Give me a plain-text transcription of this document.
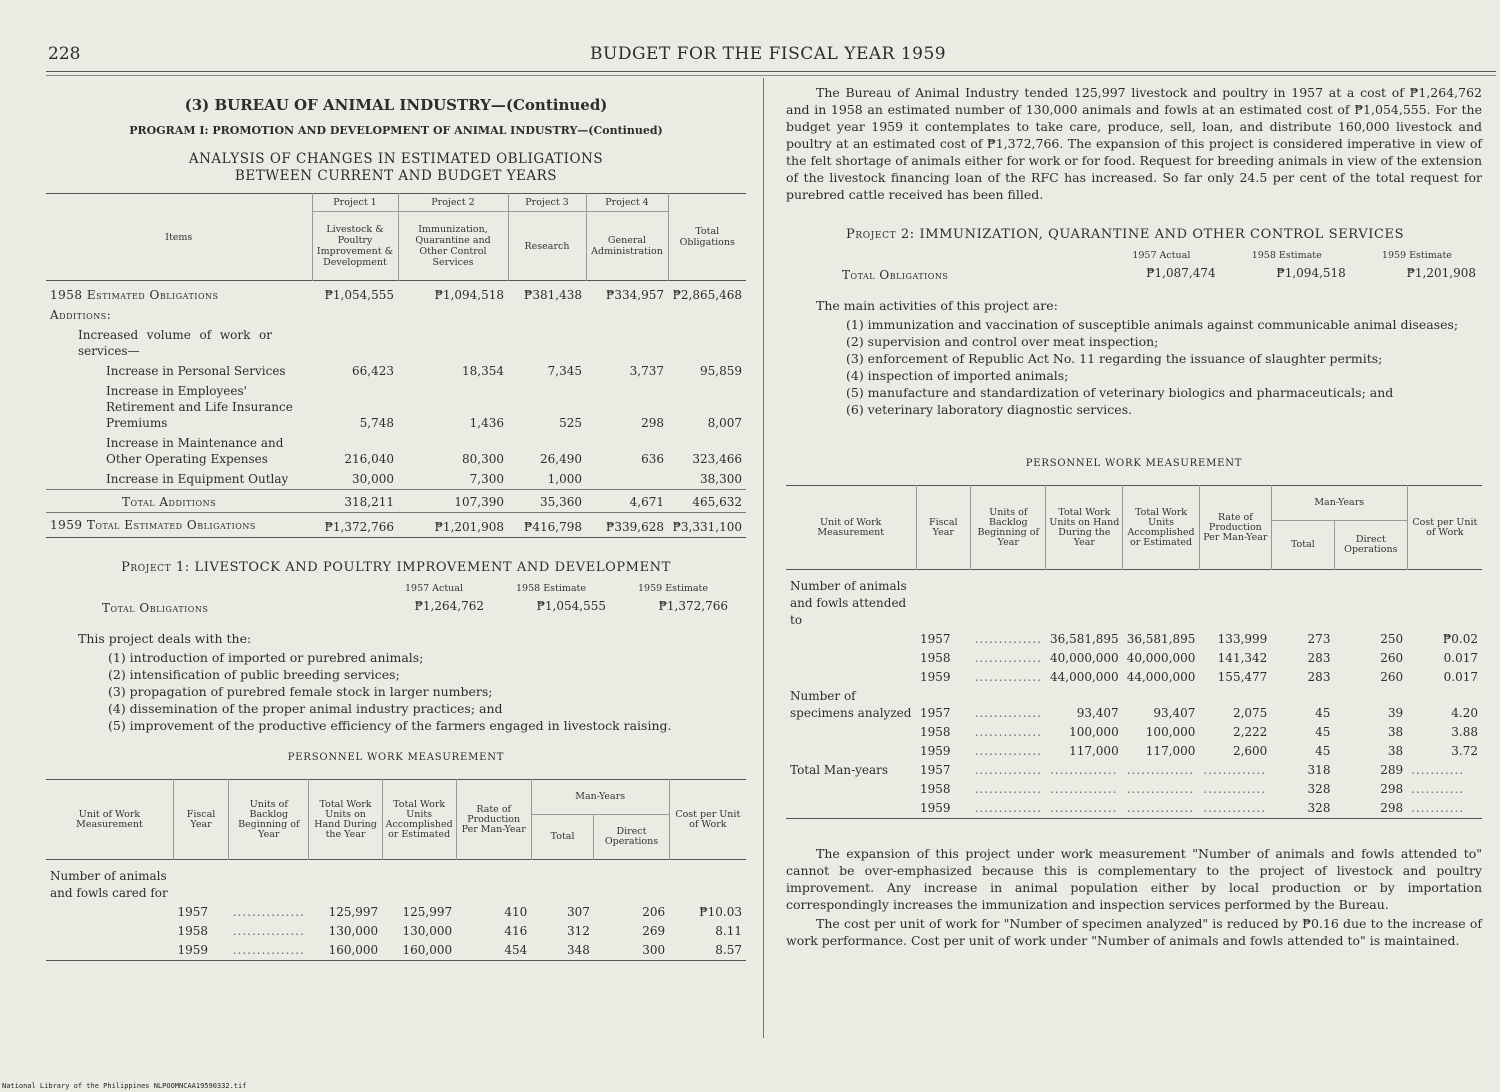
228	BUDGET FOR THE FISCAL YEAR 1959
(3) BUREAU OF ANIMAL INDUSTRY—(Continued)
PROGRAM I: PROMOTION AND DEVELOPMENT OF ANIMAL INDUSTRY—(Continued)
ANALYSIS OF CHANGES IN ESTIMATED OBLIGATIONS
BETWEEN CURRENT AND BUDGET YEARS
Items	Project 1	Project 2	Project 3	Project 4	Total Obligations
	Livestock & Poultry Improvement & Development	Immunization, Quarantine and Other Control Services	Research	General Administration	
1958 Estimated Obligations	₱1,054,555	₱1,094,518	₱381,438	₱334,957	₱2,865,468
Additions:					
Increased volume of work or services—					
Increase in Personal Services	66,423	18,354	7,345	3,737	95,859
Increase in Employees' Retirement and Life Insurance Premiums	5,748	1,436	525	298	8,007
Increase in Maintenance and Other Operating Expenses	216,040	80,300	26,490	636	323,466
Increase in Equipment Outlay	30,000	7,300	1,000		38,300
Total Additions	318,211	107,390	35,360	4,671	465,632
1959 Total Estimated Obligations	₱1,372,766	₱1,201,908	₱416,798	₱339,628	₱3,331,100
Project 1: LIVESTOCK AND POULTRY IMPROVEMENT AND DEVELOPMENT
	1957 Actual	1958 Estimate	1959 Estimate
Total Obligations	₱1,264,762	₱1,054,555	₱1,372,766

This project deals with the:

(1) introduction of imported or purebred animals;
(2) intensification of public breeding services;
(3) propagation of purebred female stock in larger numbers;
(4) dissemination of the proper animal industry practices; and
(5) improvement of the productive efficiency of the farmers engaged in livestock raising.
PERSONNEL WORK MEASUREMENT
Unit of Work Measurement	Fiscal Year	Units of Backlog Beginning of Year	Total Work Units on Hand During the Year	Total Work Units Accomplished or Estimated	Rate of Production Per Man-Year	Man-Years		Cost per Unit of Work
						Total	Direct Operations	

Number of animals and fowls cared for								

	1957	...............	125,997	125,997	410	307	206	₱10.03
	1958	...............	130,000	130,000	416	312	269	8.11
	1959	...............	160,000	160,000	454	348	300	8.57

The Bureau of Animal Industry tended 125,997 livestock and poultry in 1957 at a cost of ₱1,264,762 and in 1958 an estimated number of 130,000 animals and fowls at an estimated cost of ₱1,054,555. For the budget year 1959 it contemplates to take care, produce, sell, loan, and distribute 160,000 livestock and poultry at an estimated cost of ₱1,372,766. The expansion of this project is considered imperative in view of the felt shortage of animals either for work or for food. Request for breeding animals in view of the extension of the livestock financing loan of the RFC has increased. So far only 24.5 per cent of the total request for purebred cattle received has been filled.

Project 2: IMMUNIZATION, QUARANTINE AND OTHER CONTROL SERVICES
	1957 Actual	1958 Estimate	1959 Estimate
Total Obligations	₱1,087,474	₱1,094,518	₱1,201,908

The main activities of this project are:

(1) immunization and vaccination of susceptible animals against communicable animal diseases;
(2) supervision and control over meat inspection;
(3) enforcement of Republic Act No. 11 regarding the issuance of slaughter permits;
(4) inspection of imported animals;
(5) manufacture and standardization of veterinary biologics and pharmaceuticals; and
(6) veterinary laboratory diagnostic services.
PERSONNEL WORK MEASUREMENT
Unit of Work Measurement	Fiscal Year	Units of Backlog Beginning of Year	Total Work Units on Hand During the Year	Total Work Units Accomplished or Estimated	Rate of Production Per Man-Year	Man-Years		Cost per Unit of Work
						Total	Direct Operations	

Number of animals and fowls attended to								

	1957	..............	36,581,895	36,581,895	133,999	273	250	₱0.02
	1958	..............	40,000,000	40,000,000	141,342	283	260	0.017
	1959	..............	44,000,000	44,000,000	155,477	283	260	0.017

Number of specimens analyzed	1957	..............	93,407	93,407	2,075	45	39	4.20
	1958	..............	100,000	100,000	2,222	45	38	3.88
	1959	..............	117,000	117,000	2,600	45	38	3.72
Total Man-years	1957	..............	..............	..............	.............	318	289	...........
	1958	..............	..............	..............	.............	328	298	...........
	1959	..............	..............	..............	.............	328	298	...........

The expansion of this project under work measurement "Number of animals and fowls attended to" cannot be over-emphasized because this is complementary to the project of livestock and poultry improvement. Any increase in animal population either by local production or by importation correspondingly increases the immunization and inspection services performed by the Bureau.

The cost per unit of work for "Number of specimen analyzed" is reduced by ₱0.16 due to the increase of work performance. Cost per unit of work under "Number of animals and fowls attended to" is maintained.

National Library of the Philippines NLPOOMNCAA19590332.tif
